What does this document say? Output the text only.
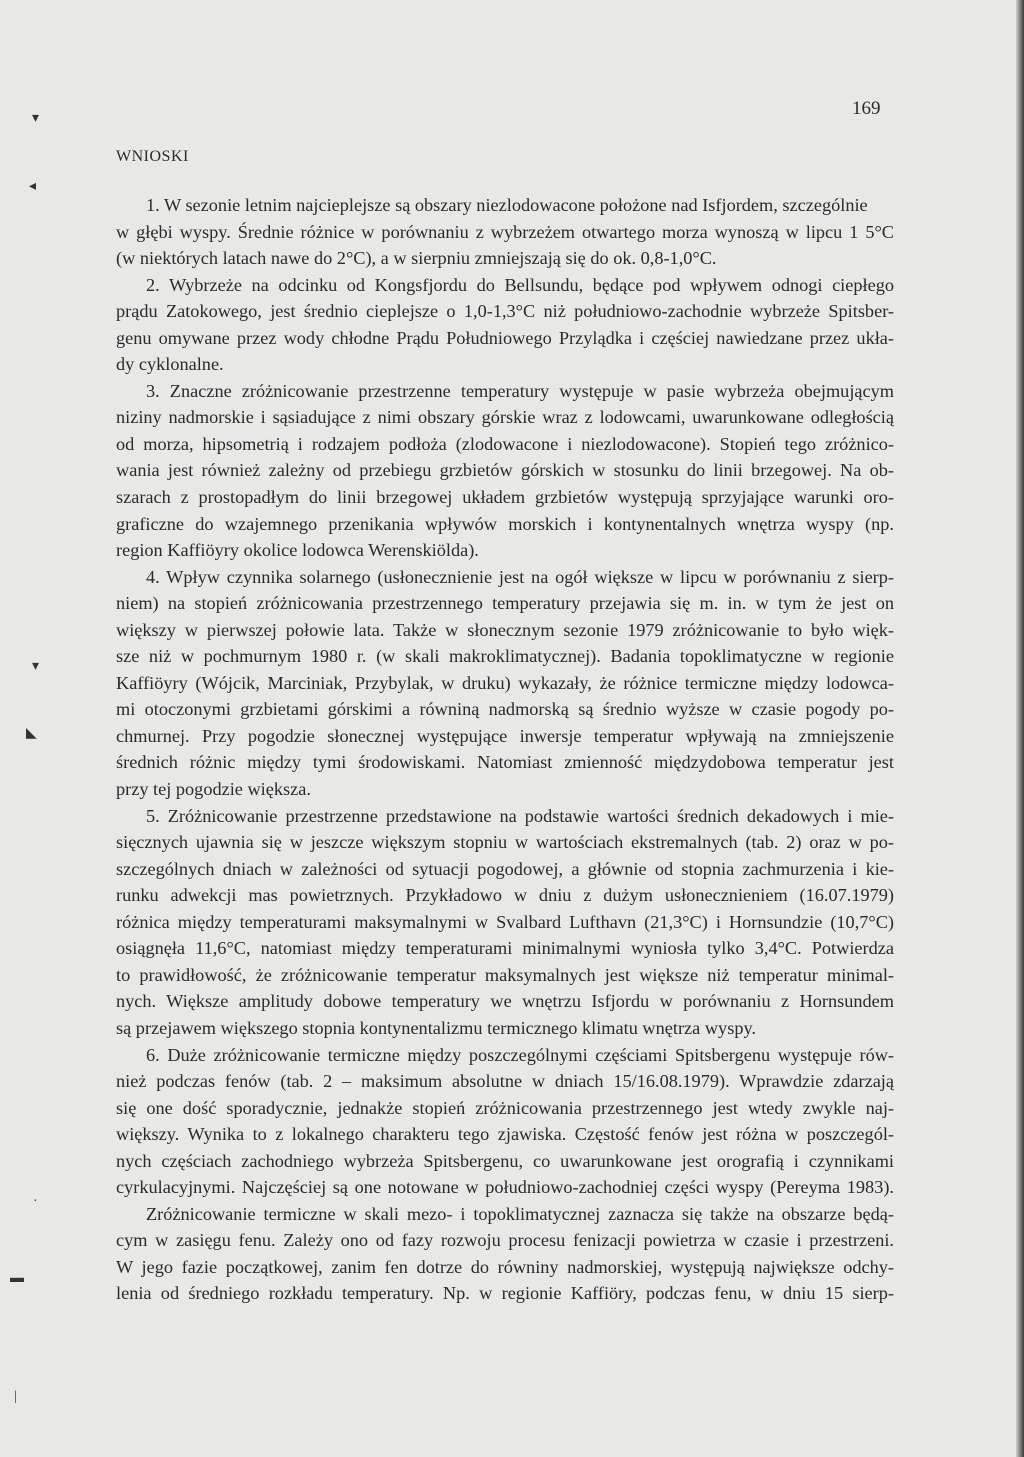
▾
◂
▾
◣
·
▬
|
169
WNIOSKI
1. W sezonie letnim najcieplejsze są obszary niezlodowacone położone nad Isfjordem, szczególnie
w głębi wyspy. Średnie różnice w porównaniu z wybrzeżem otwartego morza wynoszą w lipcu 1 5°C
(w niektórych latach nawe do 2°C), a w sierpniu zmniejszają się do ok. 0,8-1,0°C.
2. Wybrzeże na odcinku od Kongsfjordu do Bellsundu, będące pod wpływem odnogi ciepłego
prądu Zatokowego, jest średnio cieplejsze o 1,0-1,3°C niż południowo-zachodnie wybrzeże Spitsber-
genu omywane przez wody chłodne Prądu Południowego Przylądka i częściej nawiedzane przez ukła-
dy cyklonalne.
3. Znaczne zróżnicowanie przestrzenne temperatury występuje w pasie wybrzeża obejmującym
niziny nadmorskie i sąsiadujące z nimi obszary górskie wraz z lodowcami, uwarunkowane odległością
od morza, hipsometrią i rodzajem podłoża (zlodowacone i niezlodowacone). Stopień tego zróżnico-
wania jest również zależny od przebiegu grzbietów górskich w stosunku do linii brzegowej. Na ob-
szarach z prostopadłym do linii brzegowej układem grzbietów występują sprzyjające warunki oro-
graficzne do wzajemnego przenikania wpływów morskich i kontynentalnych wnętrza wyspy (np.
region Kaffiöyry okolice lodowca Werenskiölda).
4. Wpływ czynnika solarnego (usłonecznienie jest na ogół większe w lipcu w porównaniu z sierp-
niem) na stopień zróżnicowania przestrzennego temperatury przejawia się m. in. w tym że jest on
większy w pierwszej połowie lata. Także w słonecznym sezonie 1979 zróżnicowanie to było więk-
sze niż w pochmurnym 1980 r. (w skali makroklimatycznej). Badania topoklimatyczne w regionie
Kaffiöyry (Wójcik, Marciniak, Przybylak, w druku) wykazały, że różnice termiczne między lodowca-
mi otoczonymi grzbietami górskimi a równiną nadmorską są średnio wyższe w czasie pogody po-
chmurnej. Przy pogodzie słonecznej występujące inwersje temperatur wpływają na zmniejszenie
średnich różnic między tymi środowiskami. Natomiast zmienność międzydobowa temperatur jest
przy tej pogodzie większa.
5. Zróżnicowanie przestrzenne przedstawione na podstawie wartości średnich dekadowych i mie-
sięcznych ujawnia się w jeszcze większym stopniu w wartościach ekstremalnych (tab. 2) oraz w po-
szczególnych dniach w zależności od sytuacji pogodowej, a głównie od stopnia zachmurzenia i kie-
runku adwekcji mas powietrznych. Przykładowo w dniu z dużym usłonecznieniem (16.07.1979)
różnica między temperaturami maksymalnymi w Svalbard Lufthavn (21,3°C) i Hornsundzie (10,7°C)
osiągnęła 11,6°C, natomiast między temperaturami minimalnymi wyniosła tylko 3,4°C. Potwierdza
to prawidłowość, że zróżnicowanie temperatur maksymalnych jest większe niż temperatur minimal-
nych. Większe amplitudy dobowe temperatury we wnętrzu Isfjordu w porównaniu z Hornsundem
są przejawem większego stopnia kontynentalizmu termicznego klimatu wnętrza wyspy.
6. Duże zróżnicowanie termiczne między poszczególnymi częściami Spitsbergenu występuje rów-
nież podczas fenów (tab. 2 – maksimum absolutne w dniach 15/16.08.1979). Wprawdzie zdarzają
się one dość sporadycznie, jednakże stopień zróżnicowania przestrzennego jest wtedy zwykle naj-
większy. Wynika to z lokalnego charakteru tego zjawiska. Częstość fenów jest różna w poszczegól-
nych częściach zachodniego wybrzeża Spitsbergenu, co uwarunkowane jest orografią i czynnikami
cyrkulacyjnymi. Najczęściej są one notowane w południowo-zachodniej części wyspy (Pereyma 1983).
Zróżnicowanie termiczne w skali mezo- i topoklimatycznej zaznacza się także na obszarze będą-
cym w zasięgu fenu. Zależy ono od fazy rozwoju procesu fenizacji powietrza w czasie i przestrzeni.
W jego fazie początkowej, zanim fen dotrze do równiny nadmorskiej, występują największe odchy-
lenia od średniego rozkładu temperatury. Np. w regionie Kaffiöry, podczas fenu, w dniu 15 sierp-
